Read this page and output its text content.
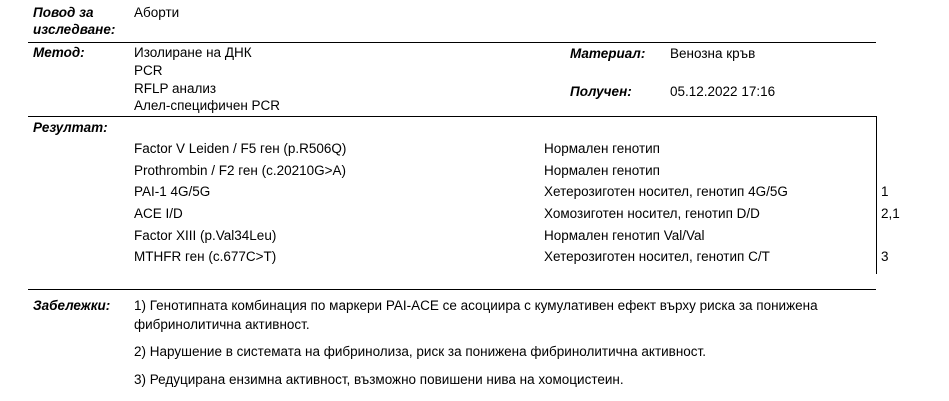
Повод за
изследване:
Аборти
Метод:	Изолиране на ДНК
PCR
RFLP анализ
Алел-специфичен PCR
Материал: Венозна кръв
Получен:	05.12.2022 17:16
Резултат:
Factor V Leiden / F5 ген (p.R506Q)	Нормален генотип
Prothrombin / F2 ген (c.20210G>A)	Нормален генотип
PAI-1 4G/5G	Хетерозиготен носител, генотип 4G/5G	1
ACE I/D	Хомозиготен носител, генотип D/D	2,1
Factor XIII (p.Val34Leu)	Нормален генотип Val/Val
MTHFR ген (c.677C>T)	Хетерозиготен носител, генотип C/T	3
Забележки: 1) Генотипната комбинация по маркери PAI-ACE се асоциира с кумулативен ефект върху риска за понижена
фибринолитична активност.
2) Нарушение в системата на фибринолиза, риск за понижена фибринолитична активност.
3) Редуцирана ензимна активност, възможно повишени нива на хомоцистеин.
